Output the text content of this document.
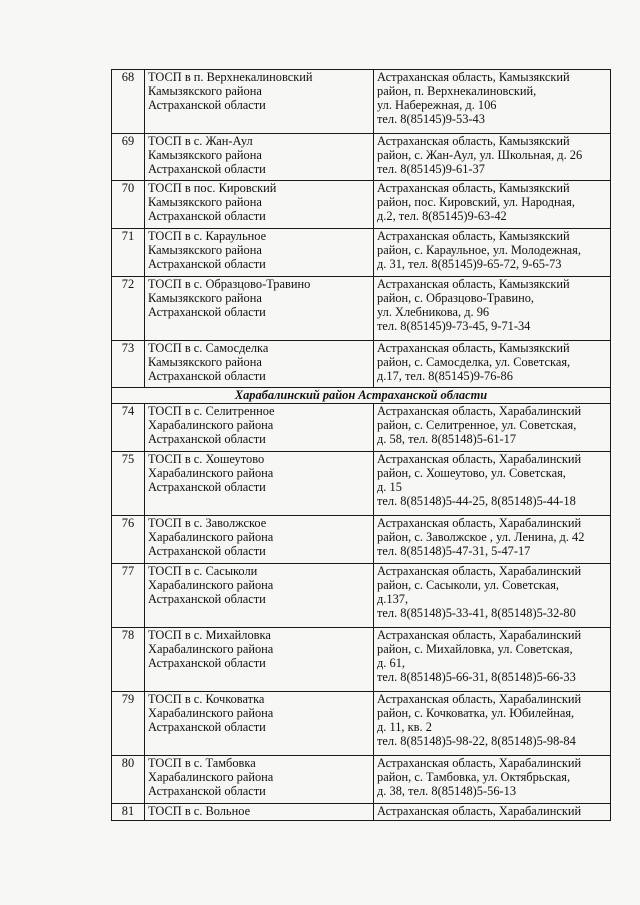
68	ТОСП в п. Верхнекалиновский
Камызякского района
Астраханской области	Астраханская область, Камызякский район, п. Верхнекалиновский,
ул. Набережная, д. 106
тел. 8(85145)9-53-43
69	ТОСП в с. Жан-Аул
Камызякского района
Астраханской области	Астраханская область, Камызякский район, с. Жан-Аул, ул. Школьная, д. 26
тел. 8(85145)9-61-37
70	ТОСП в пос. Кировский
Камызякского района
Астраханской области	Астраханская область, Камызякский район, пос. Кировский, ул. Народная,
д.2, тел. 8(85145)9-63-42
71	ТОСП в с. Караульное
Камызякского района
Астраханской области	Астраханская область, Камызякский район, с. Караульное, ул. Молодежная,
д. 31, тел. 8(85145)9-65-72, 9-65-73
72	ТОСП в с. Образцово-Травино
Камызякского района
Астраханской области	Астраханская область, Камызякский район, с. Образцово-Травино,
ул. Хлебникова, д. 96
тел. 8(85145)9-73-45, 9-71-34
73	ТОСП в с. Самосделка
Камызякского района
Астраханской области	Астраханская область, Камызякский район, с. Самосделка, ул. Советская,
д.17, тел. 8(85145)9-76-86
Харабалинский район Астраханской области		
74	ТОСП в с. Селитренное
Харабалинского района
Астраханской области	Астраханская область, Харабалинский район, с. Селитренное, ул. Советская,
д. 58, тел. 8(85148)5-61-17
75	ТОСП в с. Хошеутово
Харабалинского района
Астраханской области	Астраханская область, Харабалинский район, с. Хошеутово, ул. Советская,
д. 15
тел. 8(85148)5-44-25, 8(85148)5-44-18
76	ТОСП в с. Заволжское
Харабалинского района
Астраханской области	Астраханская область, Харабалинский район, с. Заволжское , ул. Ленина, д. 42
тел. 8(85148)5-47-31, 5-47-17
77	ТОСП в с. Сасыколи
Харабалинского района
Астраханской области	Астраханская область, Харабалинский район, с. Сасыколи, ул. Советская,
д.137,
тел. 8(85148)5-33-41, 8(85148)5-32-80
78	ТОСП в с. Михайловка
Харабалинского района
Астраханской области	Астраханская область, Харабалинский район, с. Михайловка, ул. Советская,
д. 61,
тел. 8(85148)5-66-31, 8(85148)5-66-33
79	ТОСП в с. Кочковатка
Харабалинского района
Астраханской области	Астраханская область, Харабалинский район, с. Кочковатка, ул. Юбилейная,
д. 11, кв. 2
тел. 8(85148)5-98-22, 8(85148)5-98-84
80	ТОСП в с. Тамбовка
Харабалинского района
Астраханской области	Астраханская область, Харабалинский район, с. Тамбовка, ул. Октябрьская,
д. 38, тел. 8(85148)5-56-13
81	ТОСП в с. Вольное	Астраханская область, Харабалинский
